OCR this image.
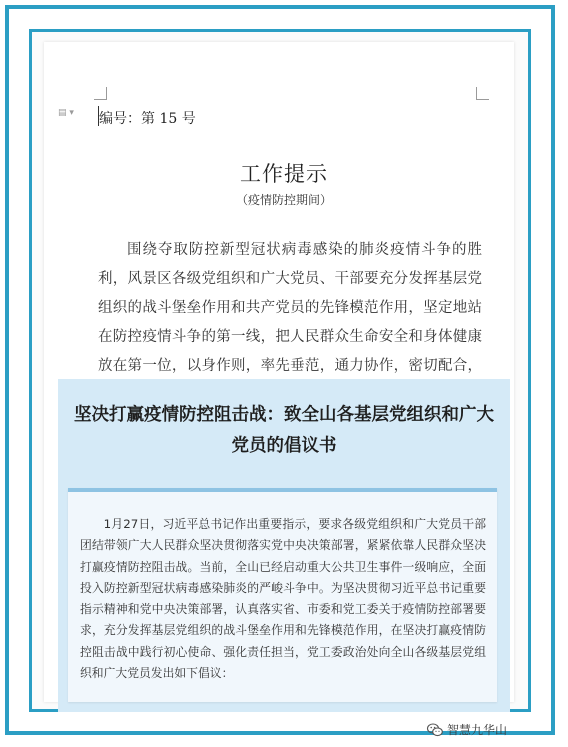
▤ ▾ 编号：第 15 号
工作提示
（疫情防控期间）

围绕夺取防控新型冠状病毒感染的肺炎疫情斗争的胜利，风景区各级党组织和广大党员、干部要充分发挥基层党组织的战斗堡垒作用和共产党员的先锋模范作用，坚定地站在防控疫情斗争的第一线，把人民群众生命安全和身体健康放在第一位，以身作则，率先垂范，通力协作，密切配合，

坚决打赢疫情防控阻击战：致全山各基层党组织和广大党员的倡议书

1月27日，习近平总书记作出重要指示，要求各级党组织和广大党员干部团结带领广大人民群众坚决贯彻落实党中央决策部署，紧紧依靠人民群众坚决打赢疫情防控阻击战。当前，全山已经启动重大公共卫生事件一级响应，全面投入防控新型冠状病毒感染肺炎的严峻斗争中。为坚决贯彻习近平总书记重要指示精神和党中央决策部署，认真落实省、市委和党工委关于疫情防控部署要求，充分发挥基层党组织的战斗堡垒作用和先锋模范作用，在坚决打赢疫情防控阻击战中践行初心使命、强化责任担当，党工委政治处向全山各级基层党组织和广大党员发出如下倡议：

智慧九华山
